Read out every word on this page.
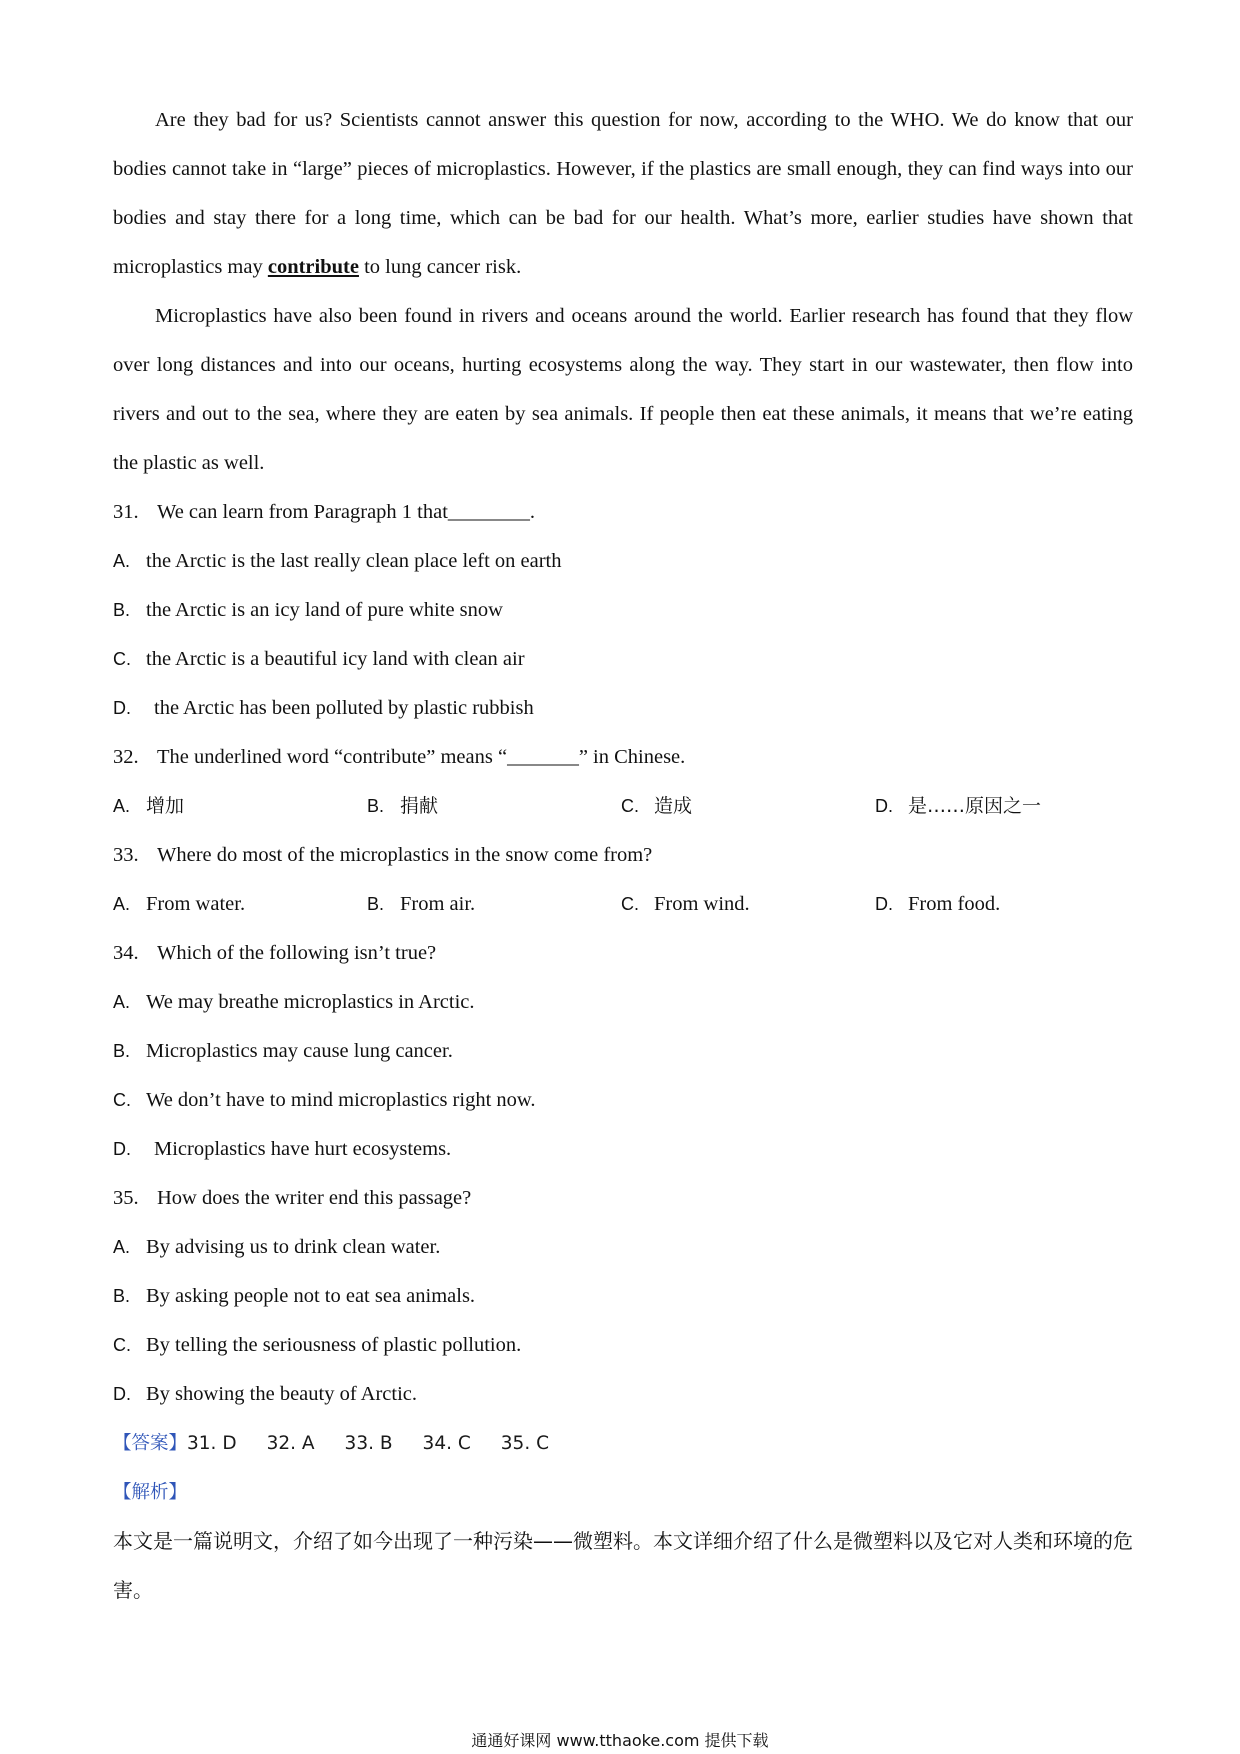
Are they bad for us? Scientists cannot answer this question for now, according to the WHO. We do know that our bodies cannot take in “large” pieces of microplastics. However, if the plastics are small enough, they can find ways into our bodies and stay there for a long time, which can be bad for our health. What’s more, earlier studies have shown that microplastics may contribute to lung cancer risk.

Microplastics have also been found in rivers and oceans around the world. Earlier research has found that they flow over long distances and into our oceans, hurting ecosystems along the way. They start in our wastewater, then flow into rivers and out to the sea, where they are eaten by sea animals. If people then eat these animals, it means that we’re eating the plastic as well.

31. We can learn from Paragraph 1 that________.
A. the Arctic is the last really clean place left on earth
B. the Arctic is an icy land of pure white snow
C. the Arctic is a beautiful icy land with clean air
D. the Arctic has been polluted by plastic rubbish
32. The underlined word “contribute” means “_______” in Chinese.
A. 增加	B. 捐献	C. 造成	D. 是……原因之一
33. Where do most of the microplastics in the snow come from?
A. From water.	B. From air.	C. From wind.	D. From food.
34. Which of the following isn’t true?
A. We may breathe microplastics in Arctic.
B. Microplastics may cause lung cancer.
C. We don’t have to mind microplastics right now.
D. Microplastics have hurt ecosystems.
35. How does the writer end this passage?
A. By advising us to drink clean water.
B. By asking people not to eat sea animals.
C. By telling the seriousness of plastic pollution.
D. By showing the beauty of Arctic.
【答案】31. D 32. A 33. B 34. C 35. C
【解析】

本文是一篇说明文，介绍了如今出现了一种污染——微塑料。本文详细介绍了什么是微塑料以及它对人类和环境的危害。

通通好课网 www.tthaoke.com 提供下载
